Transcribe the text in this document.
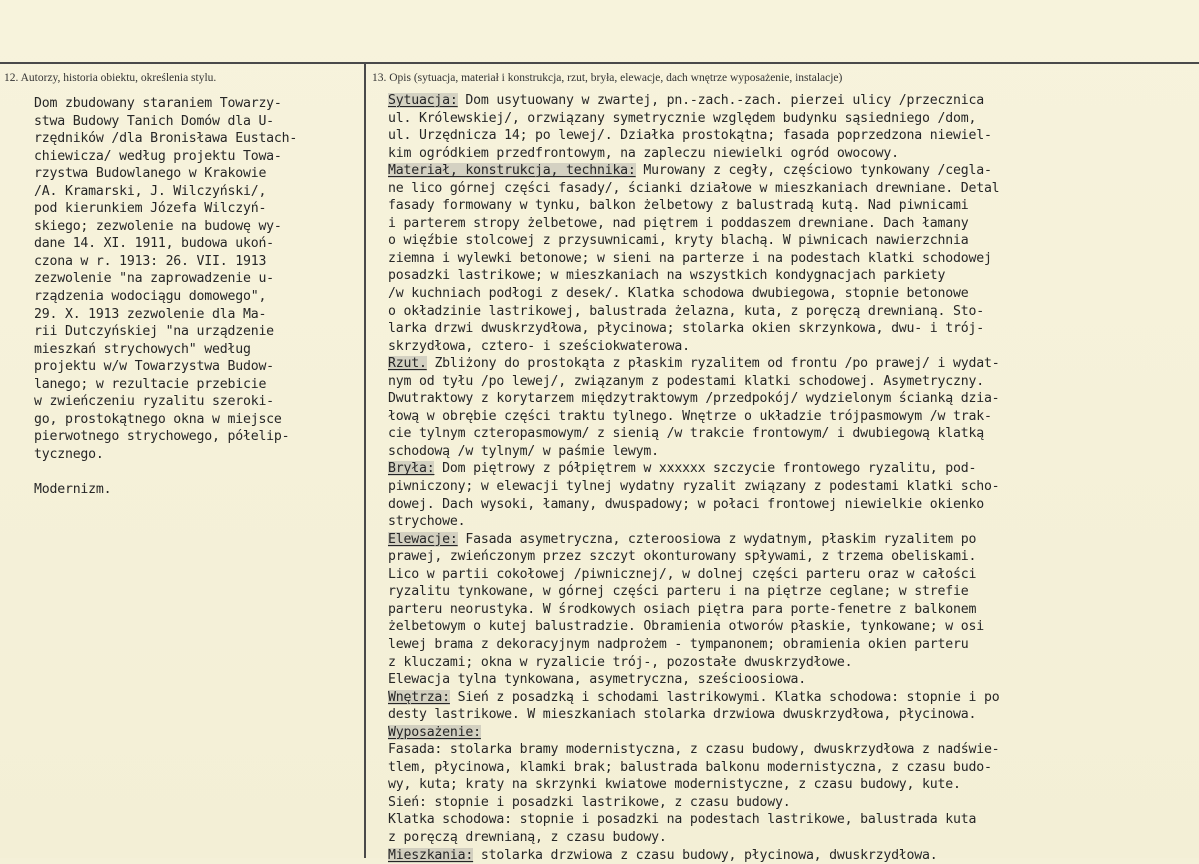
12. Autorzy, historia obiektu, określenia stylu.	13. Opis (sytuacja, materiał i konstrukcja, rzut, bryła, elewacje, dach wnętrze wyposażenie, instalacje)
Dom zbudowany staraniem Towarzy-
stwa Budowy Tanich Domów dla U-
rzędników /dla Bronisława Eustach-
chiewicza/ według projektu Towa-
rzystwa Budowlanego w Krakowie
/A. Kramarski, J. Wilczyński/,
pod kierunkiem Józefa Wilczyń-
skiego; zezwolenie na budowę wy-
dane 14. XI. 1911, budowa ukoń-
czona w r. 1913: 26. VII. 1913
zezwolenie "na zaprowadzenie u-
rządzenia wodociągu domowego",
29. X. 1913 zezwolenie dla Ma-
rii Dutczyńskiej "na urządzenie
mieszkań strychowych" według
projektu w/w Towarzystwa Budow-
lanego; w rezultacie przebicie
w zwieńczeniu ryzalitu szeroki-
go, prostokątnego okna w miejsce
pierwotnego strychowego, półelip-
tycznego.
Modernizm.
Sytuacja: Dom usytuowany w zwartej, pn.-zach.-zach. pierzei ulicy /przecznica
ul. Królewskiej/, orzwiązany symetrycznie względem budynku sąsiedniego /dom,
ul. Urzędnicza 14; po lewej/. Działka prostokątna; fasada poprzedzona niewiel-
kim ogródkiem przedfrontowym, na zapleczu niewielki ogród owocowy.
Materiał, konstrukcja, technika: Murowany z cegły, częściowo tynkowany /cegla-
ne lico górnej części fasady/, ścianki działowe w mieszkaniach drewniane. Detal
fasady formowany w tynku, balkon żelbetowy z balustradą kutą. Nad piwnicami
i parterem stropy żelbetowe, nad piętrem i poddaszem drewniane. Dach łamany
o więźbie stolcowej z przysuwnicami, kryty blachą. W piwnicach nawierzchnia
ziemna i wylewki betonowe; w sieni na parterze i na podestach klatki schodowej
posadzki lastrikowe; w mieszkaniach na wszystkich kondygnacjach parkiety
/w kuchniach podłogi z desek/. Klatka schodowa dwubiegowa, stopnie betonowe
o okładzinie lastrikowej, balustrada żelazna, kuta, z poręczą drewnianą. Sto-
larka drzwi dwuskrzydłowa, płycinowa; stolarka okien skrzynkowa, dwu- i trój-
skrzydłowa, cztero- i sześciokwaterowa.
Rzut. Zbliżony do prostokąta z płaskim ryzalitem od frontu /po prawej/ i wydat-
nym od tyłu /po lewej/, związanym z podestami klatki schodowej. Asymetryczny.
Dwutraktowy z korytarzem międzytraktowym /przedpokój/ wydzielonym ścianką dzia-
łową w obrębie części traktu tylnego. Wnętrze o układzie trójpasmowym /w trak-
cie tylnym czteropasmowym/ z sienią /w trakcie frontowym/ i dwubiegową klatką
schodową /w tylnym/ w paśmie lewym.
Bryła: Dom piętrowy z półpiętrem w xxxxxx szczycie frontowego ryzalitu, pod-
piwniczony; w elewacji tylnej wydatny ryzalit związany z podestami klatki scho-
dowej. Dach wysoki, łamany, dwuspadowy; w połaci frontowej niewielkie okienko
strychowe.
Elewacje: Fasada asymetryczna, czteroosiowa z wydatnym, płaskim ryzalitem po
prawej, zwieńczonym przez szczyt okonturowany spływami, z trzema obeliskami.
Lico w partii cokołowej /piwnicznej/, w dolnej części parteru oraz w całości
ryzalitu tynkowane, w górnej części parteru i na piętrze ceglane; w strefie
parteru neorustyka. W środkowych osiach piętra para porte-fenetre z balkonem
żelbetowym o kutej balustradzie. Obramienia otworów płaskie, tynkowane; w osi
lewej brama z dekoracyjnym nadprożem - tympanonem; obramienia okien parteru
z kluczami; okna w ryzalicie trój-, pozostałe dwuskrzydłowe.
Elewacja tylna tynkowana, asymetryczna, sześcioosiowa.
Wnętrza: Sień z posadzką i schodami lastrikowymi. Klatka schodowa: stopnie i po
desty lastrikowe. W mieszkaniach stolarka drzwiowa dwuskrzydłowa, płycinowa.
Wyposażenie:
Fasada: stolarka bramy modernistyczna, z czasu budowy, dwuskrzydłowa z nadświe-
tlem, płycinowa, klamki brak; balustrada balkonu modernistyczna, z czasu budo-
wy, kuta; kraty na skrzynki kwiatowe modernistyczne, z czasu budowy, kute.
Sień: stopnie i posadzki lastrikowe, z czasu budowy.
Klatka schodowa: stopnie i posadzki na podestach lastrikowe, balustrada kuta
z poręczą drewnianą, z czasu budowy.
Mieszkania: stolarka drzwiowa z czasu budowy, płycinowa, dwuskrzydłowa.
